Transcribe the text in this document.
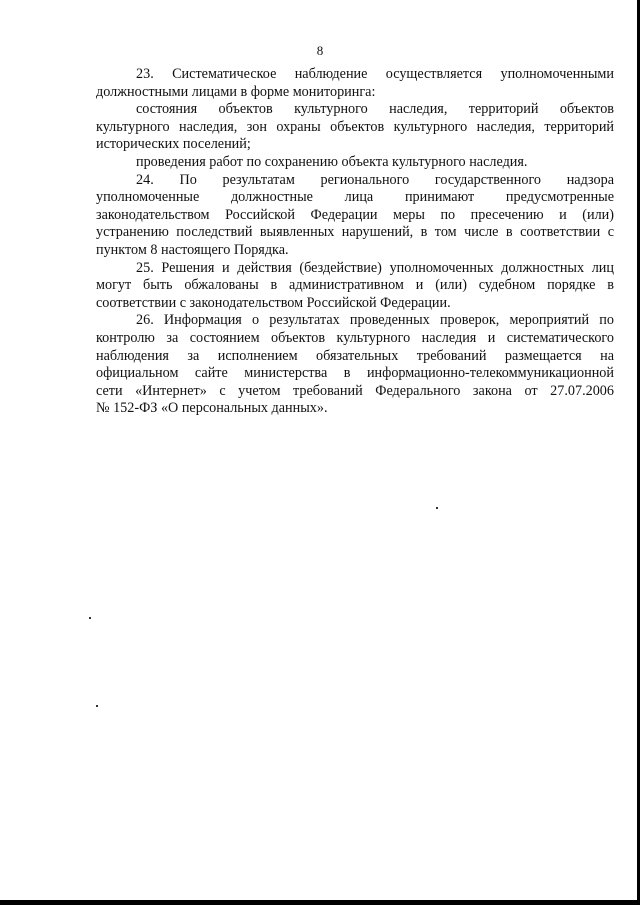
8
23. Систематическое наблюдение осуществляется уполномоченными
должностными лицами в форме мониторинга:
состояния объектов культурного наследия, территорий объектов
культурного наследия, зон охраны объектов культурного наследия, территорий
исторических поселений;
проведения работ по сохранению объекта культурного наследия.
24. По результатам регионального государственного надзора
уполномоченные должностные лица принимают предусмотренные
законодательством Российской Федерации меры по пресечению и (или)
устранению последствий выявленных нарушений, в том числе в соответствии с
пунктом 8 настоящего Порядка.
25. Решения и действия (бездействие) уполномоченных должностных лиц
могут быть обжалованы в административном и (или) судебном порядке в
соответствии с законодательством Российской Федерации.
26. Информация о результатах проведенных проверок, мероприятий по
контролю за состоянием объектов культурного наследия и систематического
наблюдения за исполнением обязательных требований размещается на
официальном сайте министерства в информационно-телекоммуникационной
сети «Интернет» с учетом требований Федерального закона от 27.07.2006
№ 152-ФЗ «О персональных данных».
